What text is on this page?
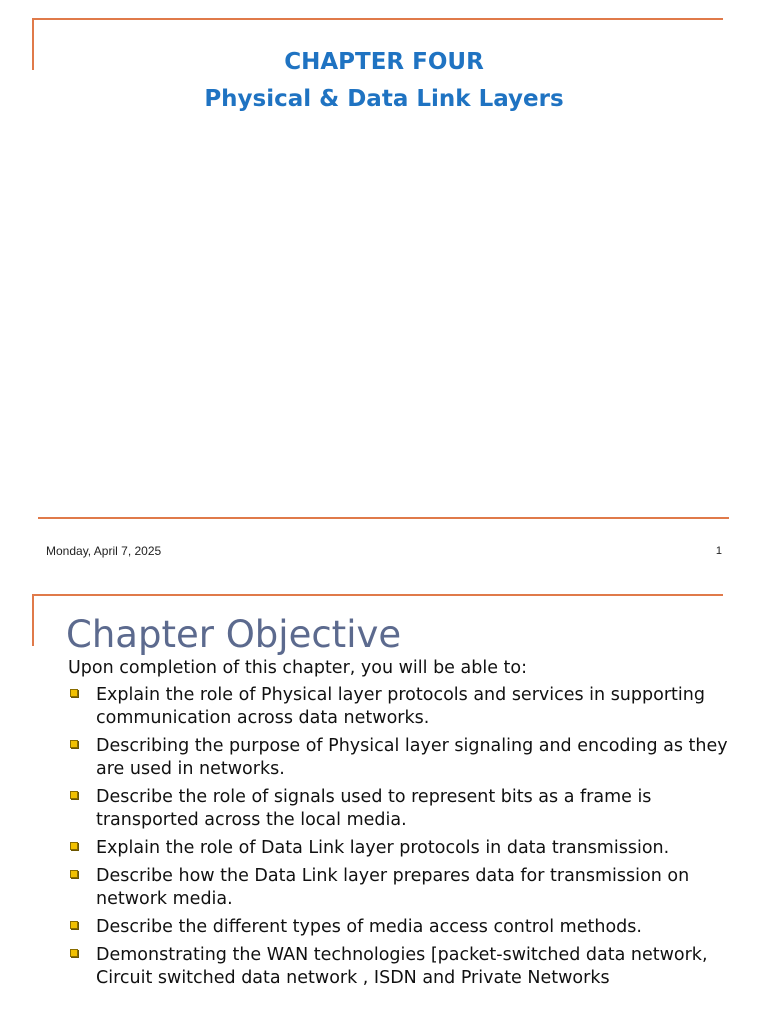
CHAPTER FOUR
Physical & Data Link Layers
Monday, April 7, 2025	1
Chapter Objective
Upon completion of this chapter, you will be able to:
Explain the role of Physical layer protocols and services in supporting communication across data networks.
Describing the purpose of Physical layer signaling and encoding as they are used in networks.
Describe the role of signals used to represent bits as a frame is transported across the local media.
Explain the role of Data Link layer protocols in data transmission.
Describe how the Data Link layer prepares data for transmission on network media.
Describe the different types of media access control methods.
Demonstrating the WAN technologies [packet-switched data network, Circuit switched data network , ISDN and Private Networks
